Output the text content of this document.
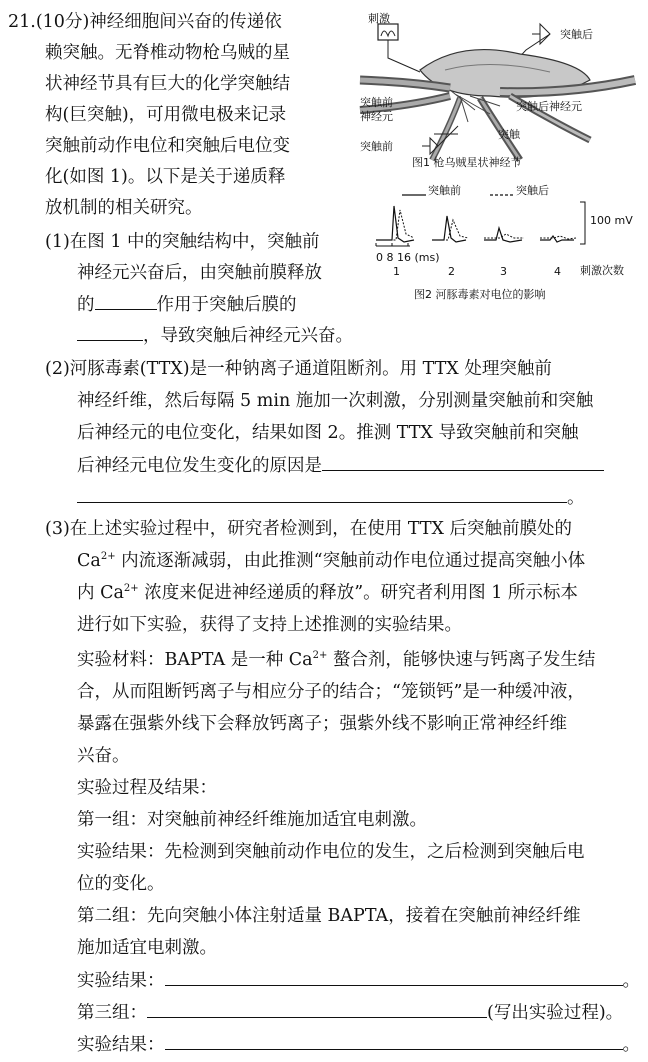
21.(10分)神经细胞间兴奋的传递依
赖突触。无脊椎动物枪乌贼的星
状神经节具有巨大的化学突触结
构(巨突触)，可用微电极来记录
突触前动作电位和突触后电位变
化(如图 1)。以下是关于递质释
放机制的相关研究。
刺激
突触后
突触前
神经元
突触后神经元
突触
突触前
图1 枪乌贼星状神经节
突触前	突触后
100 mV
0 8 16 (ms)
1	2	3	4 刺激次数
图2 河豚毒素对电位的影响
(1)在图 1 中的突触结构中，突触前
神经元兴奋后，由突触前膜释放
的	作用于突触后膜的
，导致突触后神经元兴奋。
(2)河豚毒素(TTX)是一种钠离子通道阻断剂。用 TTX 处理突触前
神经纤维，然后每隔 5 min 施加一次刺激，分别测量突触前和突触
后神经元的电位变化，结果如图 2。推测 TTX 导致突触前和突触
后神经元电位发生变化的原因是
。
(3)在上述实验过程中，研究者检测到，在使用 TTX 后突触前膜处的
$Ca^{2+}$ 内流逐渐减弱，由此推测“突触前动作电位通过提高突触小体
内 $Ca^{2+}$ 浓度来促进神经递质的释放”。研究者利用图 1 所示标本
进行如下实验，获得了支持上述推测的实验结果。
实验材料：BAPTA 是一种 $Ca^{2+}$ 螯合剂，能够快速与钙离子发生结
合，从而阻断钙离子与相应分子的结合；“笼锁钙”是一种缓冲液，
暴露在强紫外线下会释放钙离子；强紫外线不影响正常神经纤维
兴奋。
实验过程及结果：
第一组：对突触前神经纤维施加适宜电刺激。
实验结果：先检测到突触前动作电位的发生，之后检测到突触后电
位的变化。
第二组：先向突触小体注射适量 BAPTA，接着在突触前神经纤维
施加适宜电刺激。
实验结果：	。
第三组：	(写出实验过程)。
实验结果：	。
